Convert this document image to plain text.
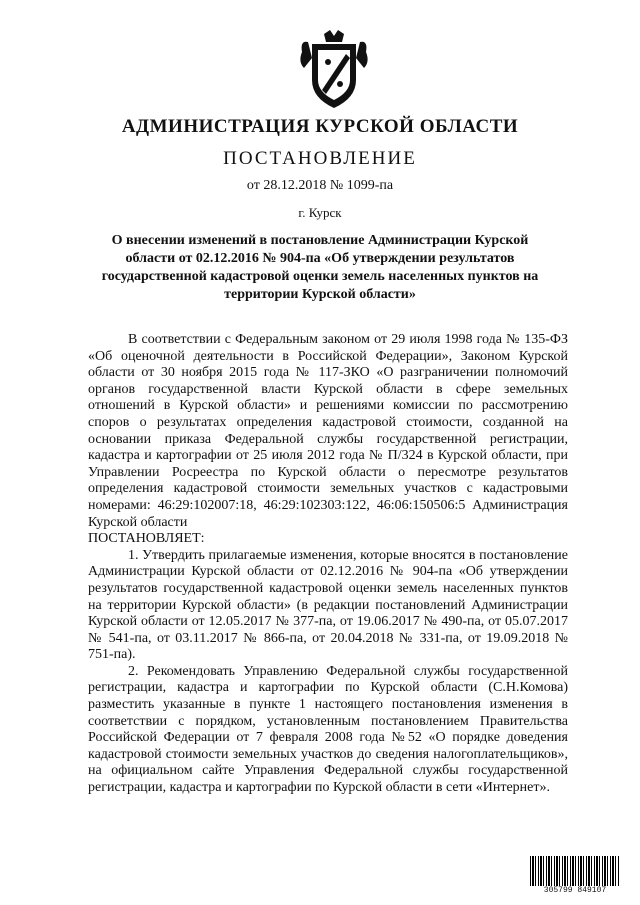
АДМИНИСТРАЦИЯ КУРСКОЙ ОБЛАСТИ
ПОСТАНОВЛЕНИЕ
от 28.12.2018 № 1099-па
г. Курск
О внесении изменений в постановление Администрации Курской области от 02.12.2016 № 904-па «Об утверждении результатов государственной кадастровой оценки земель населенных пунктов на территории Курской области»

В соответствии с Федеральным законом от 29 июля 1998 года № 135-ФЗ «Об оценочной деятельности в Российской Федерации», Законом Курской области от 30 ноября 2015 года № 117-ЗКО «О разграничении полномочий органов государственной власти Курской области в сфере земельных отношений в Курской области» и решениями комиссии по рассмотрению споров о результатах определения кадастровой стоимости, созданной на основании приказа Федеральной службы государственной регистрации, кадастра и картографии от 25 июля 2012 года № П/324 в Курской области, при Управлении Росреестра по Курской области о пересмотре результатов определения кадастровой стоимости земельных участков с кадастровыми номерами: 46:29:102007:18, 46:29:102303:122, 46:06:150506:5 Администрация Курской области

ПОСТАНОВЛЯЕТ:

1. Утвердить прилагаемые изменения, которые вносятся в постановление Администрации Курской области от 02.12.2016 № 904-па «Об утверждении результатов государственной кадастровой оценки земель населенных пунктов на территории Курской области» (в редакции постановлений Администрации Курской области от 12.05.2017 № 377-па, от 19.06.2017 № 490-па, от 05.07.2017 № 541-па, от 03.11.2017 № 866-па, от 20.04.2018 № 331-па, от 19.09.2018 № 751-па).

2. Рекомендовать Управлению Федеральной службы государственной регистрации, кадастра и картографии по Курской области (С.Н.Комова) разместить указанные в пункте 1 настоящего постановления изменения в соответствии с порядком, установленным постановлением Правительства Российской Федерации от 7 февраля 2008 года №52 «О порядке доведения кадастровой стоимости земельных участков до сведения налогоплательщиков», на официальном сайте Управления Федеральной службы государственной регистрации, кадастра и картографии по Курской области в сети «Интернет».

305799 849107
